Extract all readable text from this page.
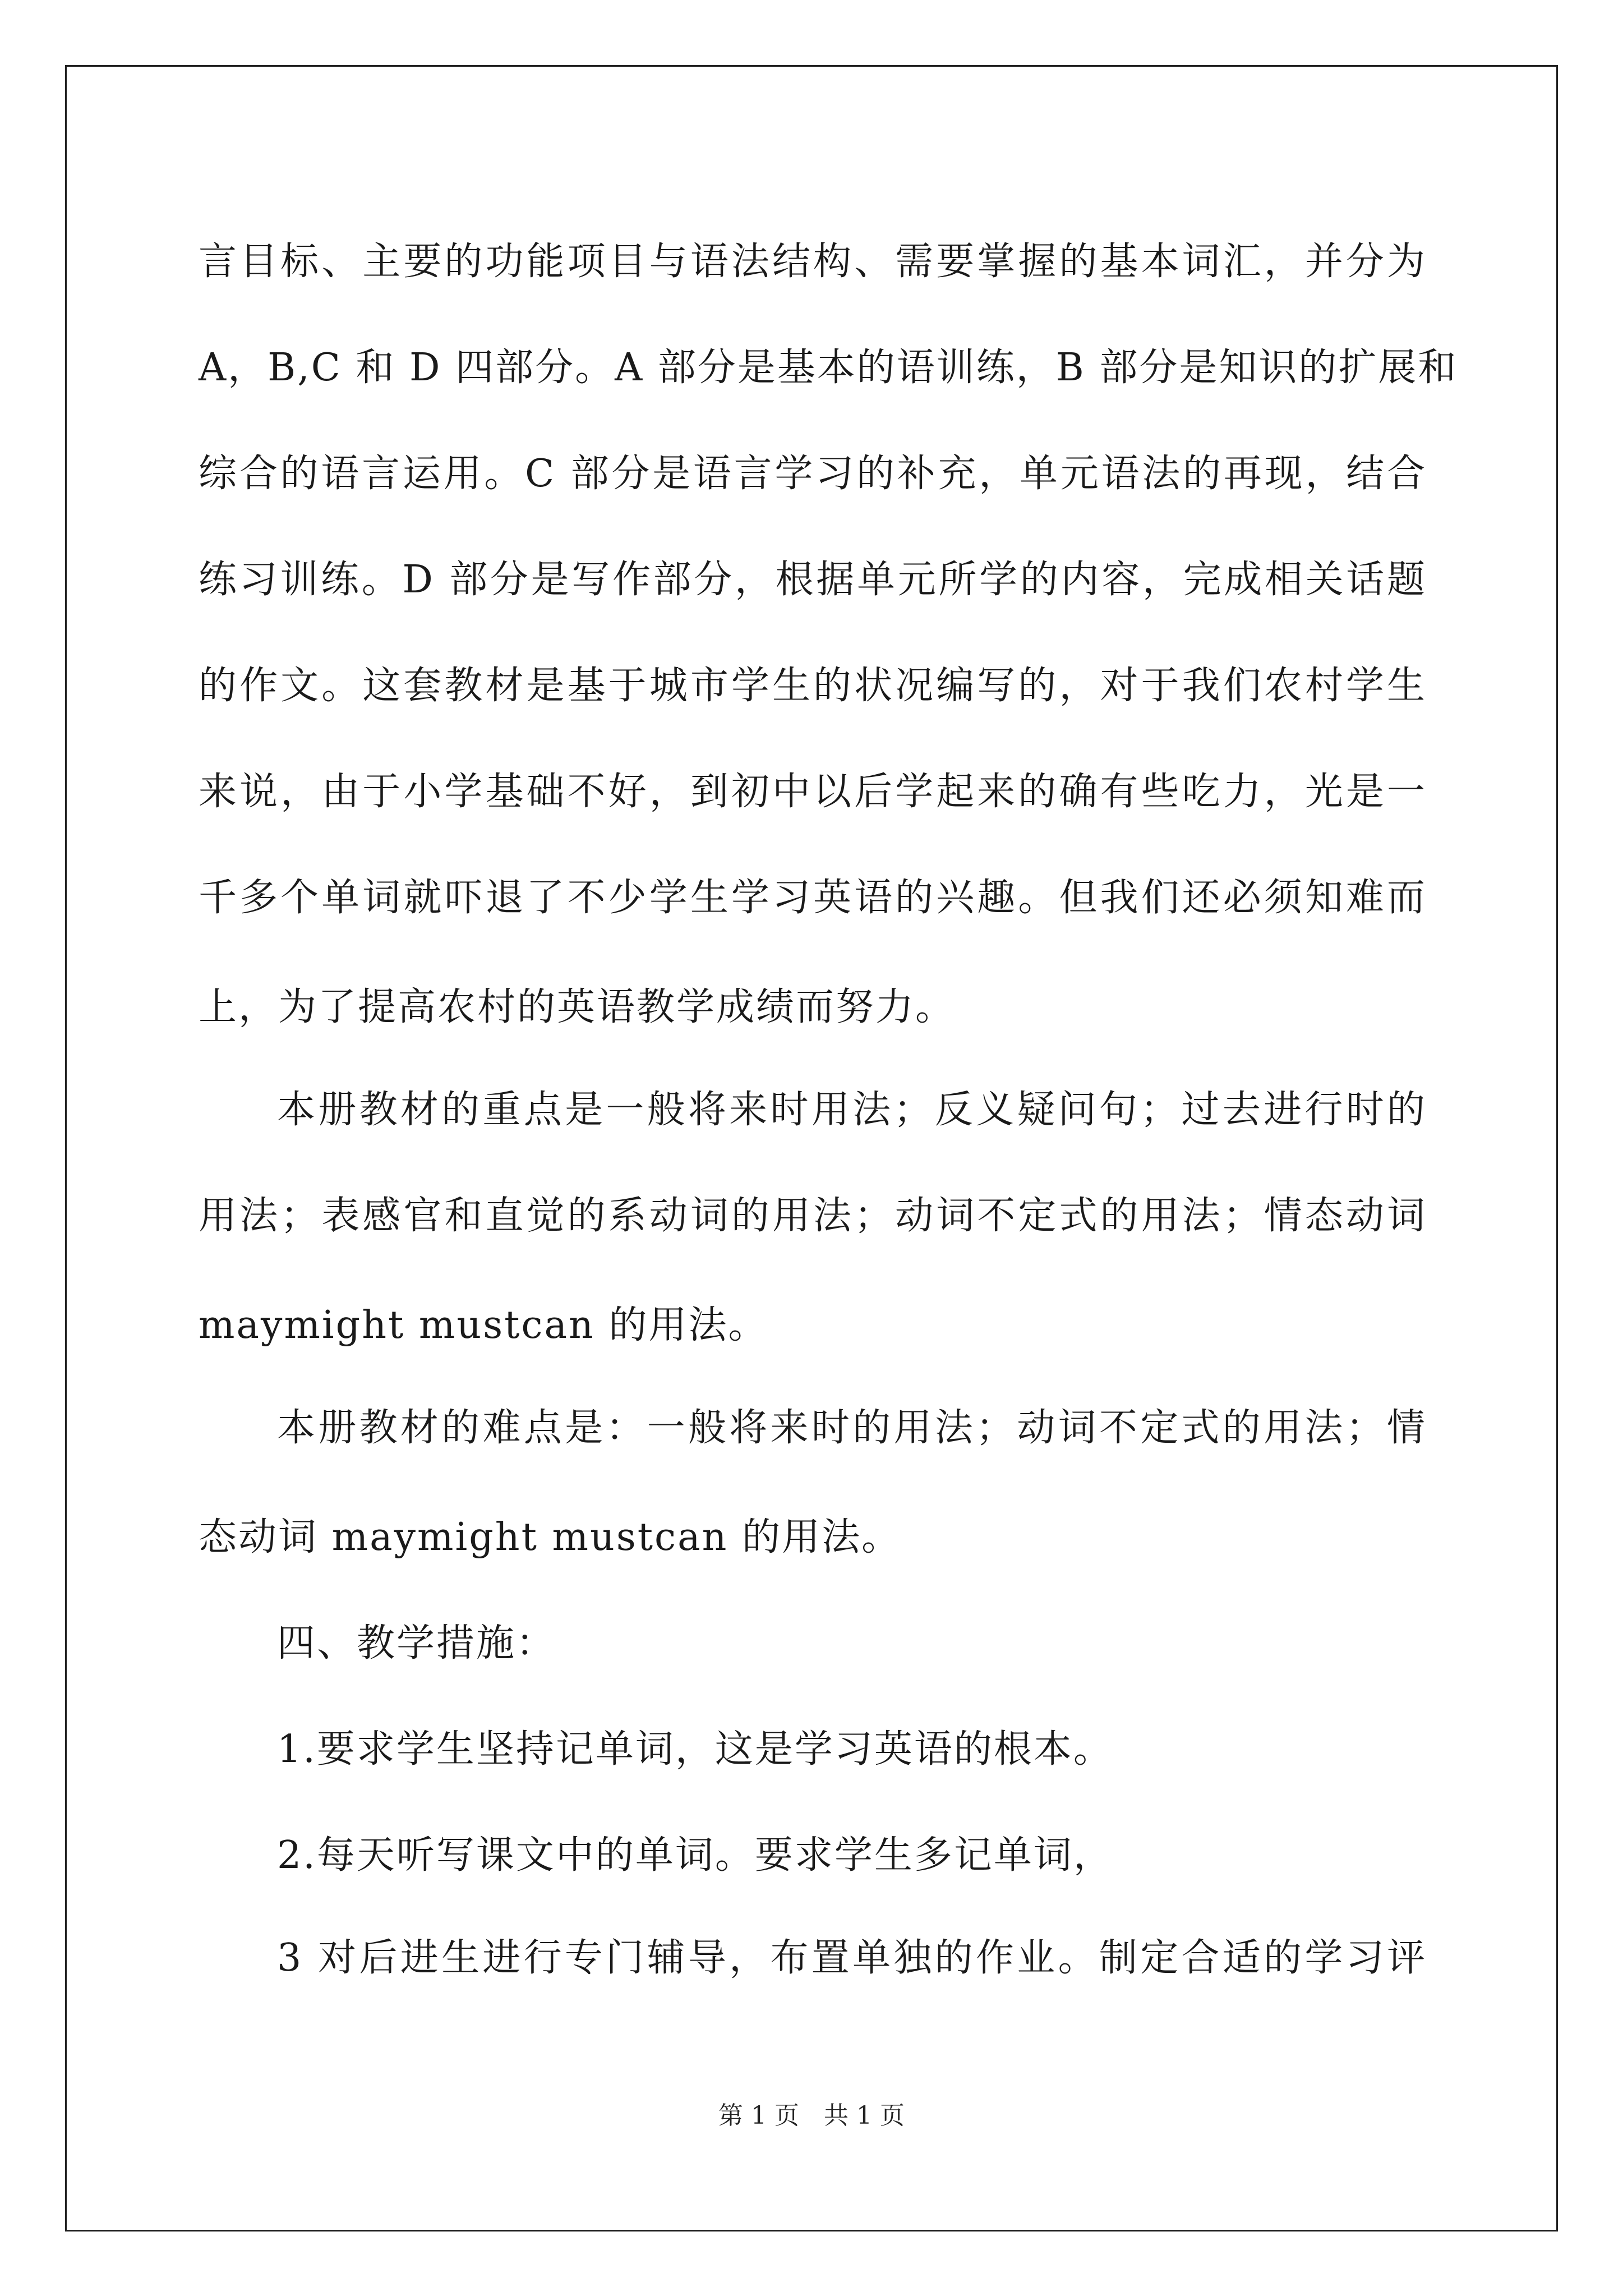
言目标、主要的功能项目与语法结构、需要掌握的基本词汇，并分为
A，B,C 和 D 四部分。A 部分是基本的语训练，B 部分是知识的扩展和
综合的语言运用。C 部分是语言学习的补充，单元语法的再现，结合
练习训练。D 部分是写作部分，根据单元所学的内容，完成相关话题
的作文。这套教材是基于城市学生的状况编写的，对于我们农村学生
来说，由于小学基础不好，到初中以后学起来的确有些吃力，光是一
千多个单词就吓退了不少学生学习英语的兴趣。但我们还必须知难而
上，为了提高农村的英语教学成绩而努力。
本册教材的重点是一般将来时用法；反义疑问句；过去进行时的
用法；表感官和直觉的系动词的用法；动词不定式的用法；情态动词
maymight mustcan 的用法。
本册教材的难点是：一般将来时的用法；动词不定式的用法；情
态动词 maymight mustcan 的用法。
四、教学措施：
1.要求学生坚持记单词，这是学习英语的根本。
2.每天听写课文中的单词。要求学生多记单词，
3 对后进生进行专门辅导，布置单独的作业。制定合适的学习评
第 1 页　共 1 页
